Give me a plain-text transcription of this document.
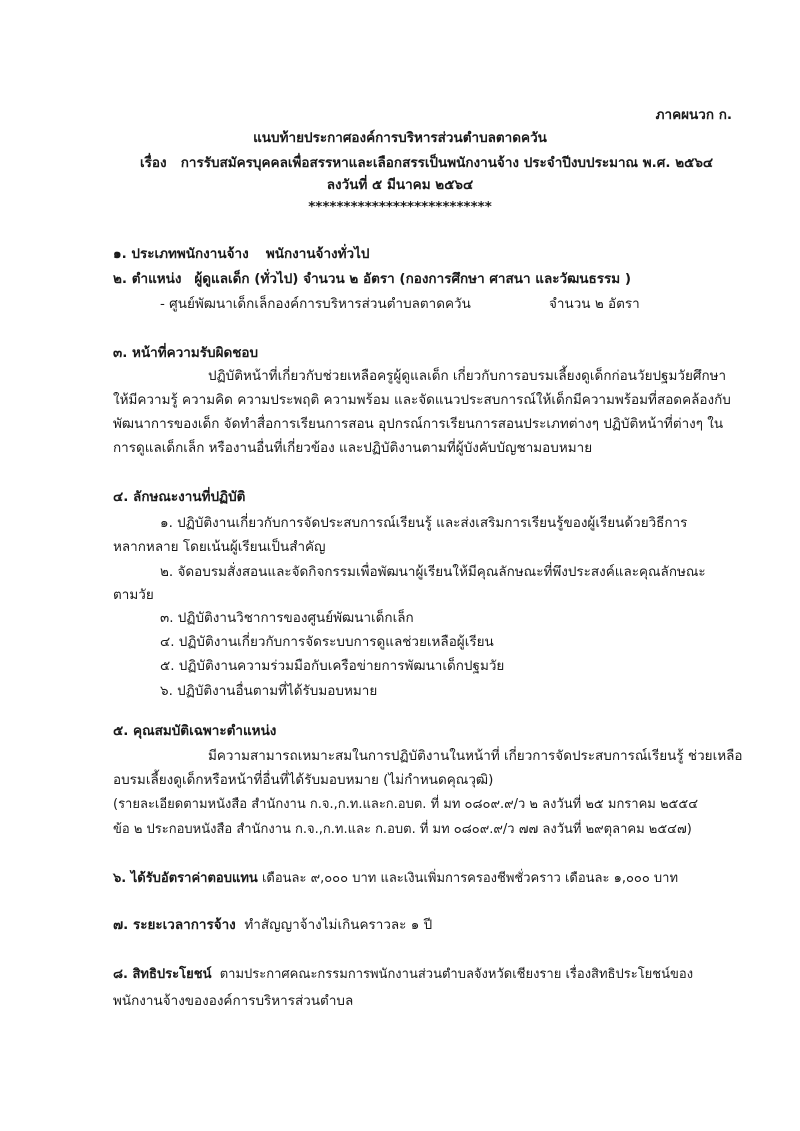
ภาคผนวก ก.
แนบท้ายประกาศองค์การบริหารส่วนตำบลตาดควัน
เรื่อง การรับสมัครบุคคลเพื่อสรรหาและเลือกสรรเป็นพนักงานจ้าง ประจำปีงบประมาณ พ.ศ. ๒๕๖๔
ลงวันที่ ๕ มีนาคม ๒๕๖๔
**************************
๑. ประเภทพนักงานจ้าง พนักงานจ้างทั่วไป
๒. ตำแหน่ง ผู้ดูแลเด็ก (ทั่วไป) จำนวน ๒ อัตรา (กองการศึกษา ศาสนา และวัฒนธรรม )
- ศูนย์พัฒนาเด็กเล็กองค์การบริหารส่วนตำบลตาดควัน	จำนวน ๒ อัตรา
๓. หน้าที่ความรับผิดชอบ
ปฏิบัติหน้าที่เกี่ยวกับช่วยเหลือครูผู้ดูแลเด็ก เกี่ยวกับการอบรมเลี้ยงดูเด็กก่อนวัยปฐมวัยศึกษา
ให้มีความรู้ ความคิด ความประพฤติ ความพร้อม และจัดแนวประสบการณ์ให้เด็กมีความพร้อมที่สอดคล้องกับ
พัฒนาการของเด็ก จัดทำสื่อการเรียนการสอน อุปกรณ์การเรียนการสอนประเภทต่างๆ ปฏิบัติหน้าที่ต่างๆ ใน
การดูแลเด็กเล็ก หรืองานอื่นที่เกี่ยวข้อง และปฏิบัติงานตามที่ผู้บังคับบัญชามอบหมาย
๔. ลักษณะงานที่ปฏิบัติ
๑. ปฏิบัติงานเกี่ยวกับการจัดประสบการณ์เรียนรู้ และส่งเสริมการเรียนรู้ของผู้เรียนด้วยวิธีการ
หลากหลาย โดยเน้นผู้เรียนเป็นสำคัญ
๒. จัดอบรมสั่งสอนและจัดกิจกรรมเพื่อพัฒนาผู้เรียนให้มีคุณลักษณะที่พึงประสงค์และคุณลักษณะ
ตามวัย
๓. ปฏิบัติงานวิชาการของศูนย์พัฒนาเด็กเล็ก
๔. ปฏิบัติงานเกี่ยวกับการจัดระบบการดูแลช่วยเหลือผู้เรียน
๕. ปฏิบัติงานความร่วมมือกับเครือข่ายการพัฒนาเด็กปฐมวัย
๖. ปฏิบัติงานอื่นตามที่ได้รับมอบหมาย
๕. คุณสมบัติเฉพาะตำแหน่ง
มีความสามารถเหมาะสมในการปฏิบัติงานในหน้าที่ เกี่ยวการจัดประสบการณ์เรียนรู้ ช่วยเหลือ
อบรมเลี้ยงดูเด็กหรือหน้าที่อื่นที่ได้รับมอบหมาย (ไม่กำหนดคุณวุฒิ)
(รายละเอียดตามหนังสือ สำนักงาน ก.จ.,ก.ท.และก.อบต. ที่ มท ๐๘๐๙.๙/ว ๒ ลงวันที่ ๒๕ มกราคม ๒๕๕๔
ข้อ ๒ ประกอบหนังสือ สำนักงาน ก.จ.,ก.ท.และ ก.อบต. ที่ มท ๐๘๐๙.๙/ว ๗๗ ลงวันที่ ๒๙ตุลาคม ๒๕๔๗)
๖. ได้รับอัตราค่าตอบแทน เดือนละ ๙,๐๐๐ บาท และเงินเพิ่มการครองชีพชั่วคราว เดือนละ ๑,๐๐๐ บาท
๗. ระยะเวลาการจ้าง ทำสัญญาจ้างไม่เกินคราวละ ๑ ปี
๘. สิทธิประโยชน์ ตามประกาศคณะกรรมการพนักงานส่วนตำบลจังหวัดเชียงราย เรื่องสิทธิประโยชน์ของ
พนักงานจ้างขององค์การบริหารส่วนตำบล
